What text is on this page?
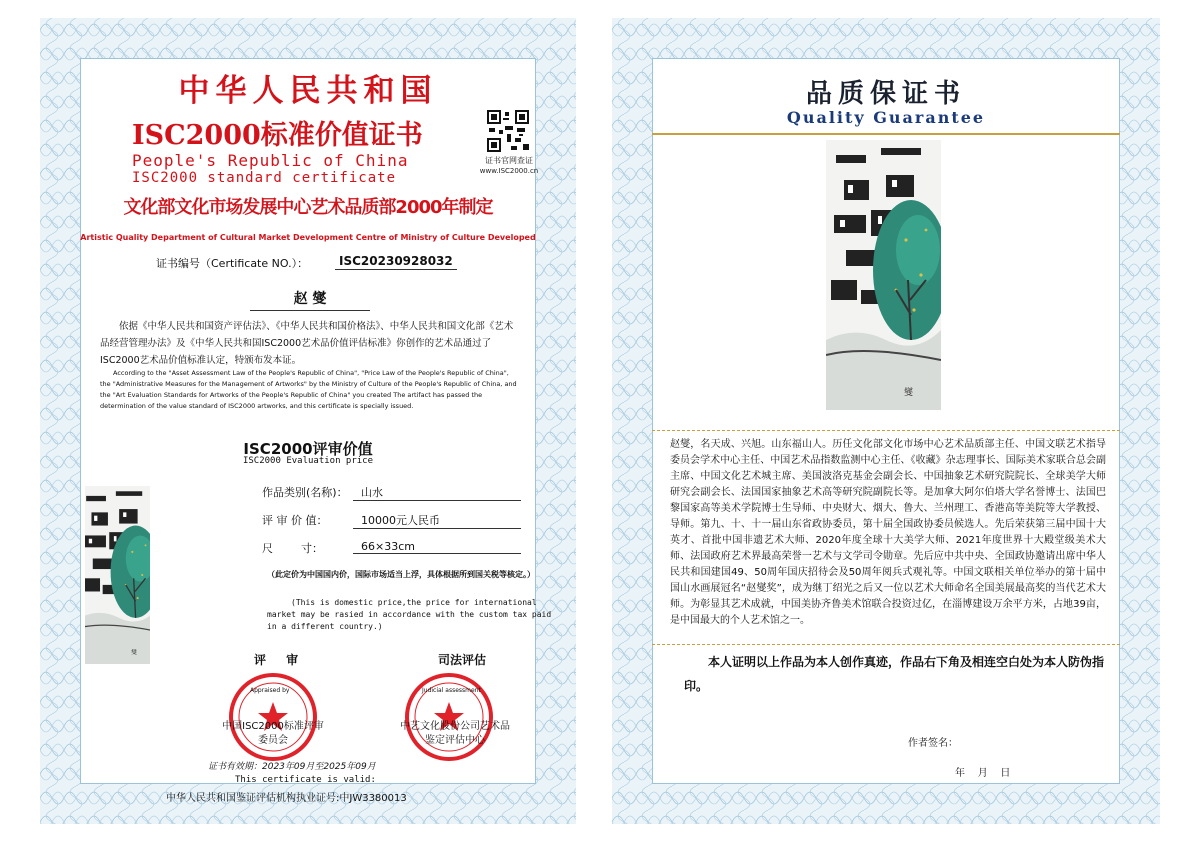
中华人民共和国
ISC2000标准价值证书
People's Republic of China
ISC2000 standard certificate
证书官网查证
www.ISC2000.cn
文化部文化市场发展中心艺术品质部2000年制定
Artistic Quality Department of Cultural Market Development Centre of Ministry of Culture Developed
证书编号（Certificate NO.）：	ISC20230928032
赵 燮
依据《中华人民共和国资产评估法》、《中华人民共和国价格法》、中华人民共和国文化部《艺术品经营管理办法》及《中华人民共和国ISC2000艺术品价值评估标准》你创作的艺术品通过了ISC2000艺术品价值标准认定，特颁布发本证。
According to the "Asset Assessment Law of the People's Republic of China", "Price Law of the People's Republic of China", the "Administrative Measures for the Management of Artworks" by the Ministry of Culture of the People's Republic of China, and the "Art Evaluation Standards for Artworks of the People's Republic of China" you created The artifact has passed the determination of the value standard of ISC2000 artworks, and this certificate is specially issued.
ISC2000评审价值
ISC2000 Evaluation price
作品类别(名称)：	山水
评 审 价 值：	10000元人民币
尺        寸：	66×33cm
（此定价为中国国内价，国际市场适当上浮，具体根据所到国关税等核定。）
(This is domestic price,the price for international market may be rasied in accordance with the custom tax paid in a different country.)
评 审	司法评估
Appraised by
中国ISC2000标准评审委员会
Judicial assessment
中艺文化股份公司艺术品鉴定评估中心
证书有效期：2023年09月至2025年09月
This certificate is valid:
中华人民共和国鉴证评估机构执业证号:中JW3380013
品质保证书
Quality Guarantee
赵燮，名天成、兴旭。山东福山人。历任文化部文化市场中心艺术品质部主任、中国文联艺术指导委员会学术中心主任、中国艺术品指数监测中心主任、《收藏》杂志理事长、国际美术家联合总会副主席、中国文化艺术城主席、美国波洛克基金会副会长、中国抽象艺术研究院院长、全球美学大师研究会副会长、法国国家抽象艺术高等研究院副院长等。是加拿大阿尔伯塔大学名誉博士、法国巴黎国家高等美术学院博士生导师、中央财大、烟大、鲁大、兰州理工、香港高等美院等大学教授、导师。第九、十、十一届山东省政协委员，第十届全国政协委员候选人。先后荣获第三届中国十大英才、首批中国非遗艺术大师、2020年度全球十大美学大师、2021年度世界十大殿堂级美术大师、法国政府艺术界最高荣誉一艺术与文学司令勋章。先后应中共中央、全国政协邀请出席中华人民共和国建国49、50周年国庆招待会及50周年阅兵式观礼等。中国文联相关单位举办的第十届中国山水画展冠名“赵燮奖”，成为继丁绍光之后又一位以艺术大师命名全国美展最高奖的当代艺术大师。为彰显其艺术成就，中国美协齐鲁美术馆联合投资过亿，在淄博建设万余平方米，占地39亩，是中国最大的个人艺术馆之一。
本人证明以上作品为本人创作真迹，作品右下角及相连空白处为本人防伪指印。
作者签名：
年    月    日
